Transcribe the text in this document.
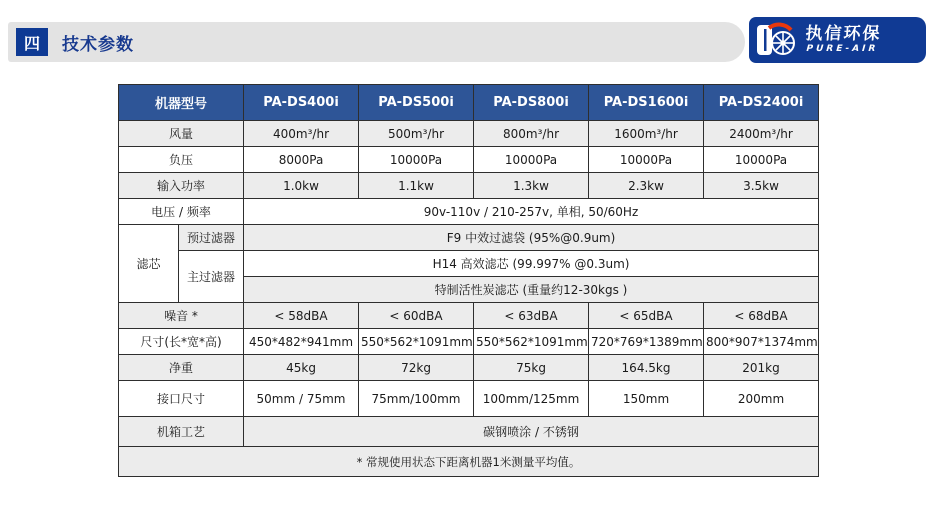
四 技术参数
执信环保
PURE-AIR
机器型号		PA-DS400i	PA-DS500i	PA-DS800i	PA-DS1600i	PA-DS2400i
风量		400m³/hr	500m³/hr	800m³/hr	1600m³/hr	2400m³/hr
负压		8000Pa	10000Pa	10000Pa	10000Pa	10000Pa
输入功率		1.0kw	1.1kw	1.3kw	2.3kw	3.5kw
电压 / 频率		90v-110v / 210-257v, 单相, 50/60Hz				
滤芯	预过滤器	F9 中效过滤袋 (95%@0.9um)				
	主过滤器	H14 高效滤芯 (99.997% @0.3um)				
		特制活性炭滤芯 (重量约12-30kgs )				
噪音 *		< 58dBA	< 60dBA	< 63dBA	< 65dBA	< 68dBA
尺寸(长*宽*高)		450*482*941mm	550*562*1091mm	550*562*1091mm	720*769*1389mm	800*907*1374mm
净重		45kg	72kg	75kg	164.5kg	201kg
接口尺寸		50mm / 75mm	75mm/100mm	100mm/125mm	150mm	200mm
机箱工艺		碳钢喷涂 / 不锈钢				
* 常规使用状态下距离机器1米测量平均值。						
